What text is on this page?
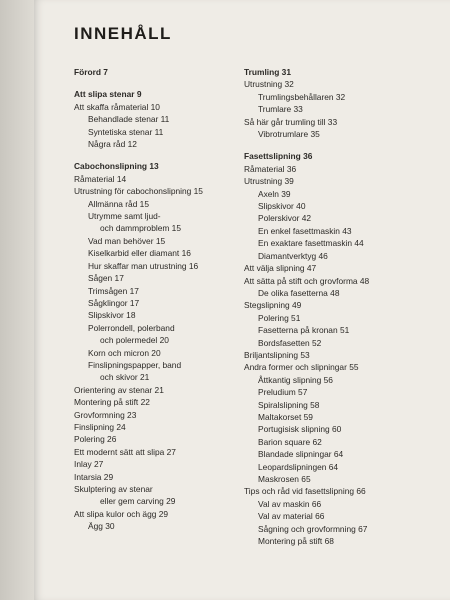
INNEHÅLL
Förord 7
Att slipa stenar 9
Att skaffa råmaterial 10
Behandlade stenar 11
Syntetiska stenar 11
Några råd 12
Cabochonslipning 13
Råmaterial 14
Utrustning för cabochonslipning 15
Allmänna råd 15
Utrymme samt ljud-
och dammproblem 15
Vad man behöver 15
Kiselkarbid eller diamant 16
Hur skaffar man utrustning 16
Sågen 17
Trimsågen 17
Sågklingor 17
Slipskivor 18
Polerrondell, polerband
och polermedel 20
Korn och micron 20
Finslipningspapper, band
och skivor 21
Orientering av stenar 21
Montering på stift 22
Grovformning 23
Finslipning 24
Polering 26
Ett modernt sätt att slipa 27
Inlay 27
Intarsia 29
Skulptering av stenar
eller gem carving 29
Att slipa kulor och ägg 29
Ägg 30
Trumling 31
Utrustning 32
Trumlingsbehållaren 32
Trumlare 33
Så här går trumling till 33
Vibrotrumlare 35
Fasettslipning 36
Råmaterial 36
Utrustning 39
Axeln 39
Slipskivor 40
Polerskivor 42
En enkel fasettmaskin 43
En exaktare fasettmaskin 44
Diamantverktyg 46
Att välja slipning 47
Att sätta på stift och grovforma 48
De olika fasetterna 48
Stegslipning 49
Polering 51
Fasetterna på kronan 51
Bordsfasetten 52
Briljantslipning 53
Andra former och slipningar 55
Åttkantig slipning 56
Preludium 57
Spiralslipning 58
Maltakorset 59
Portugisisk slipning 60
Barion square 62
Blandade slipningar 64
Leopardslipningen 64
Maskrosen 65
Tips och råd vid fasettslipning 66
Val av maskin 66
Val av material 66
Sågning och grovformning 67
Montering på stift 68
